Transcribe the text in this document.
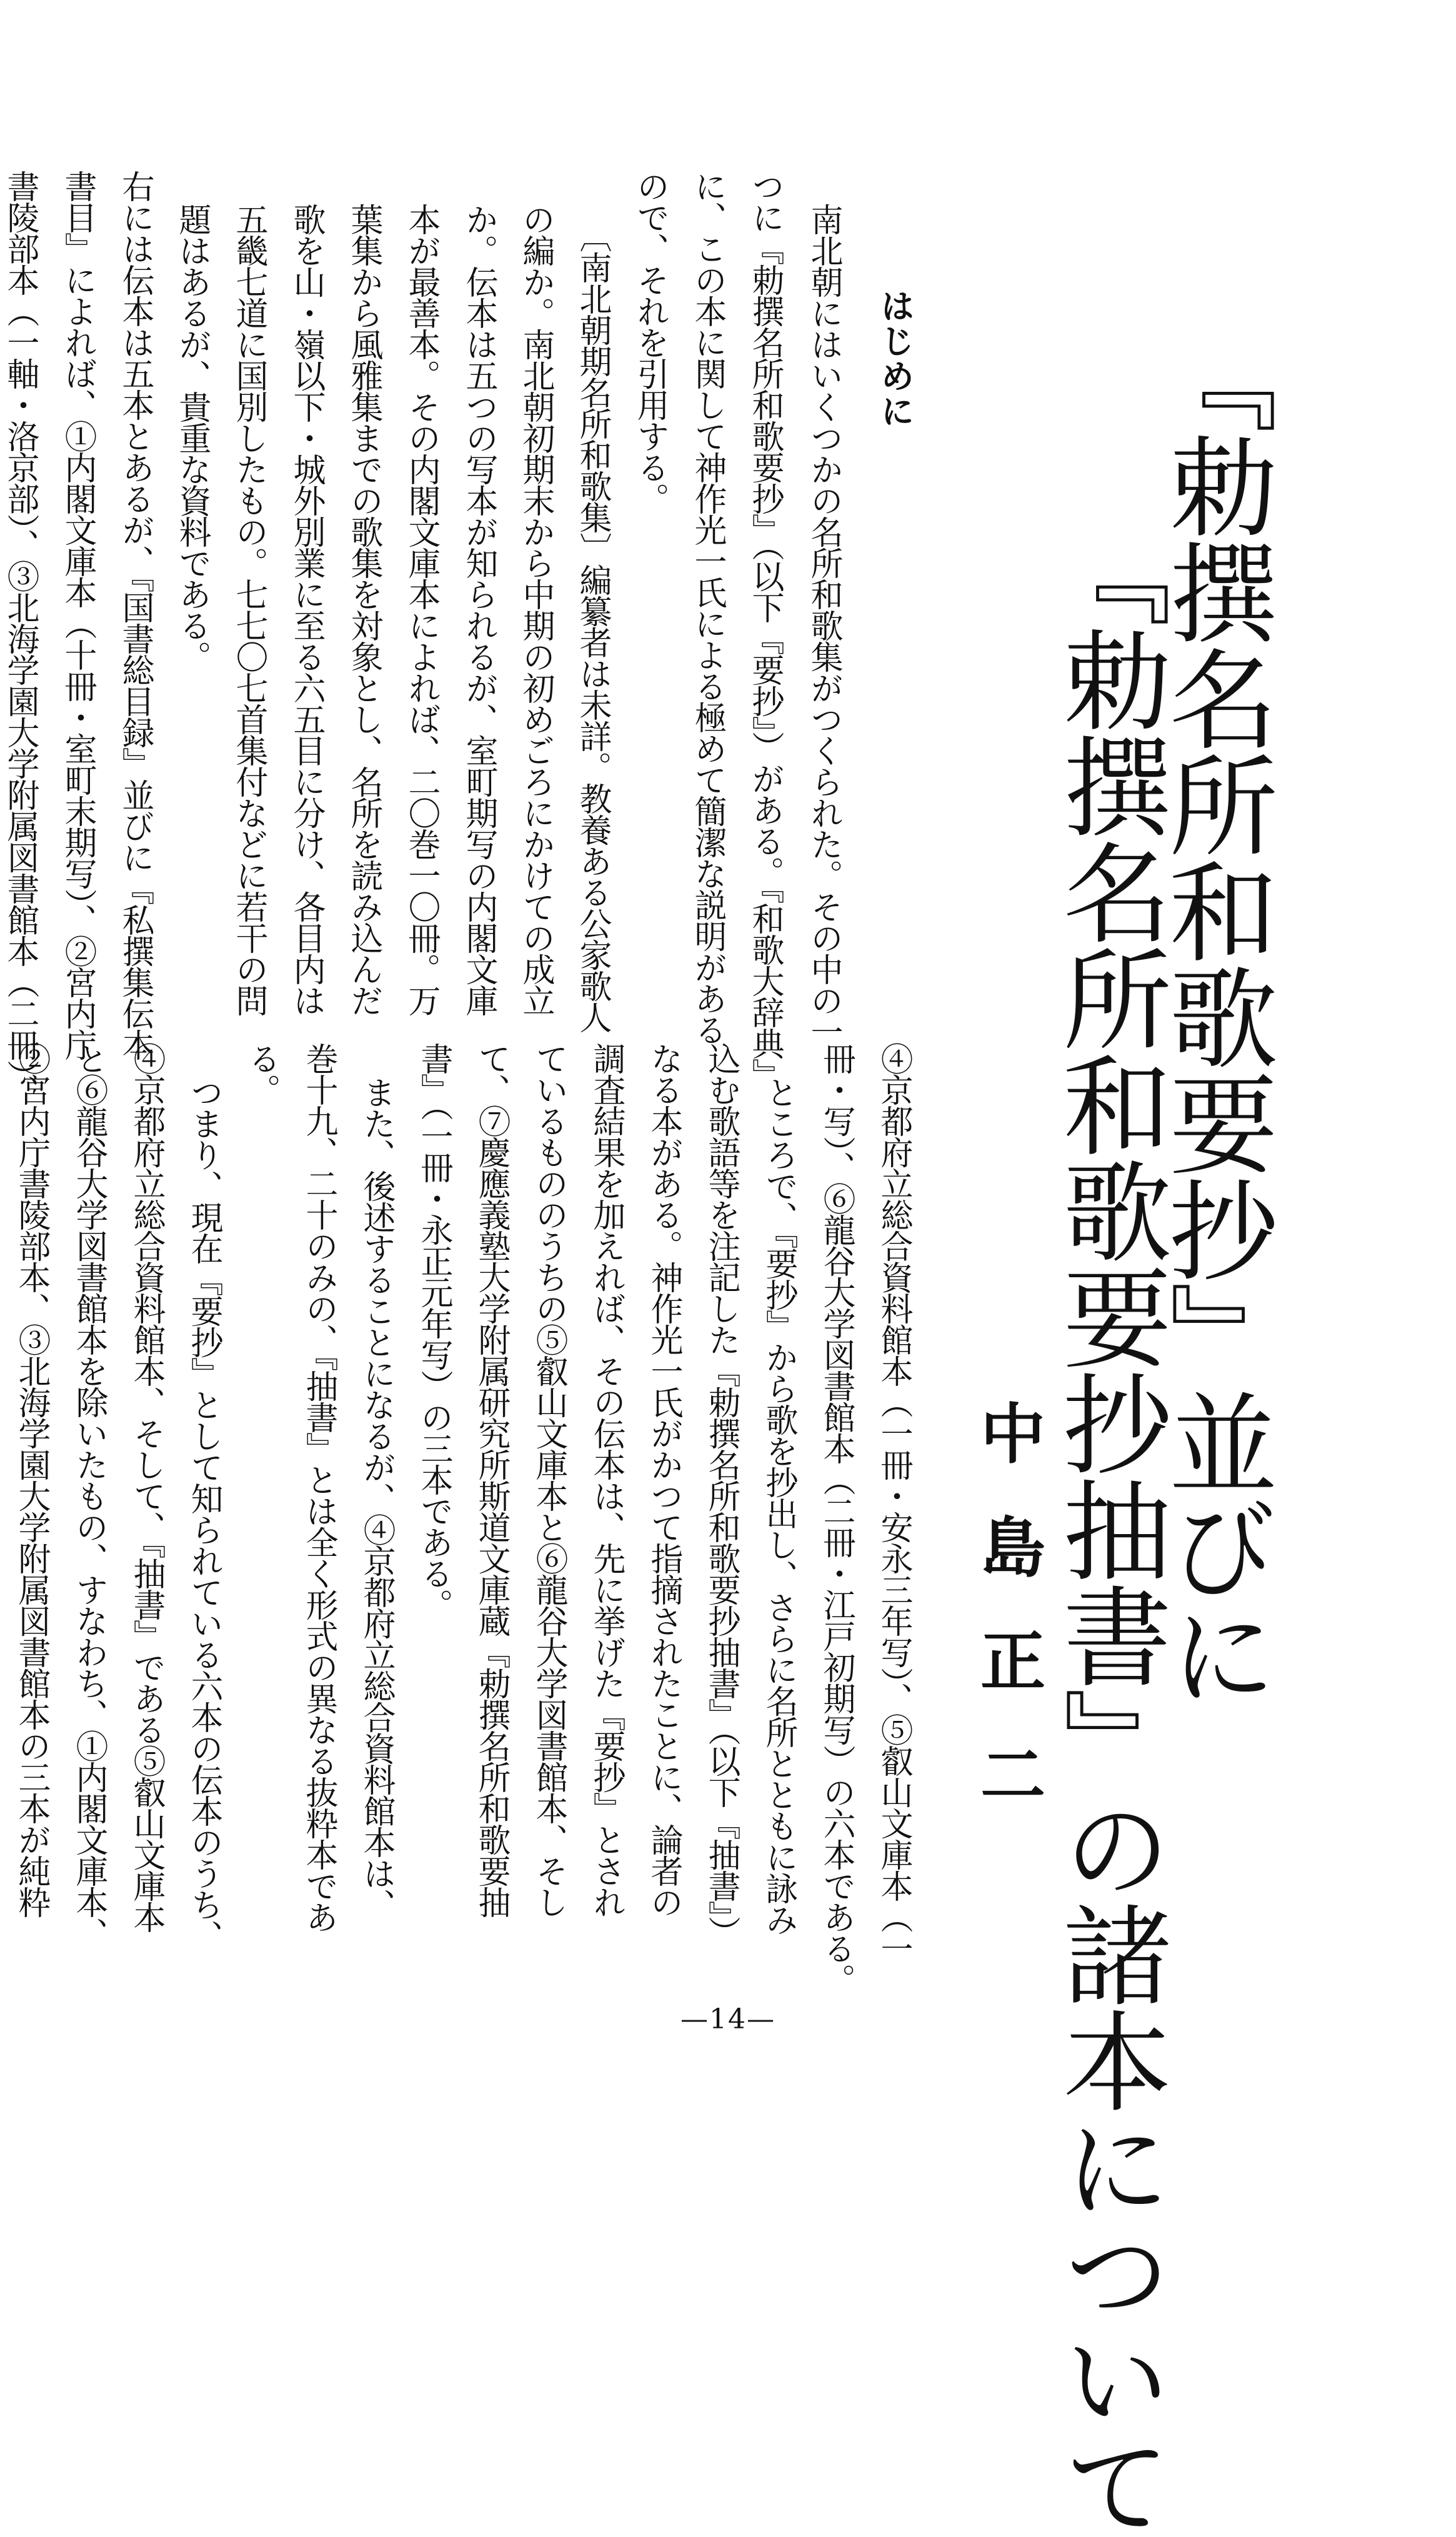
『勅撰名所和歌要抄』並びに
『勅撰名所和歌要抄抽書』の諸本について

中島正二

はじめに

南北朝にはいくつかの名所和歌集がつくられた。その中の一

つに『勅撰名所和歌要抄』（以下『要抄』）がある。『和歌大辞典』

に、この本に関して神作光一氏による極めて簡潔な説明がある

ので、それを引用する。

〔南北朝期名所和歌集〕編纂者は未詳。教養ある公家歌人

の編か。南北朝初期末から中期の初めごろにかけての成立

か。伝本は五つの写本が知られるが、室町期写の内閣文庫

本が最善本。その内閣文庫本によれば、二〇巻一〇冊。万

葉集から風雅集までの歌集を対象とし、名所を読み込んだ

歌を山・嶺以下・城外別業に至る六五目に分け、各目内は

五畿七道に国別したもの。七七〇七首集付などに若干の問

題はあるが、貴重な資料である。

右には伝本は五本とあるが、『国書総目録』並びに『私撰集伝本

書目』によれば、①内閣文庫本（十冊・室町末期写）、②宮内庁

書陵部本（一軸・洛京部）、③北海学園大学附属図書館本（二冊）、

④京都府立総合資料館本（一冊・安永三年写）、⑤叡山文庫本（一

冊・写）、⑥龍谷大学図書館本（二冊・江戸初期写）の六本である。

ところで、『要抄』から歌を抄出し、さらに名所とともに詠み

込む歌語等を注記した『勅撰名所和歌要抄抽書』（以下『抽書』）

なる本がある。神作光一氏がかつて指摘されたことに、論者の

調査結果を加えれば、その伝本は、先に挙げた『要抄』とされ

ているもののうちの⑤叡山文庫本と⑥龍谷大学図書館本、そし

て、⑦慶應義塾大学附属研究所斯道文庫蔵『勅撰名所和歌要抽

書』（一冊・永正元年写）の三本である。

また、後述することになるが、④京都府立総合資料館本は、

巻十九、二十のみの、『抽書』とは全く形式の異なる抜粋本であ

る。

つまり、現在『要抄』として知られている六本の伝本のうち、

④京都府立総合資料館本、そして、『抽書』である⑤叡山文庫本

と⑥龍谷大学図書館本を除いたもの、すなわち、①内閣文庫本、

②宮内庁書陵部本、③北海学園大学附属図書館本の三本が純粋

—14—
